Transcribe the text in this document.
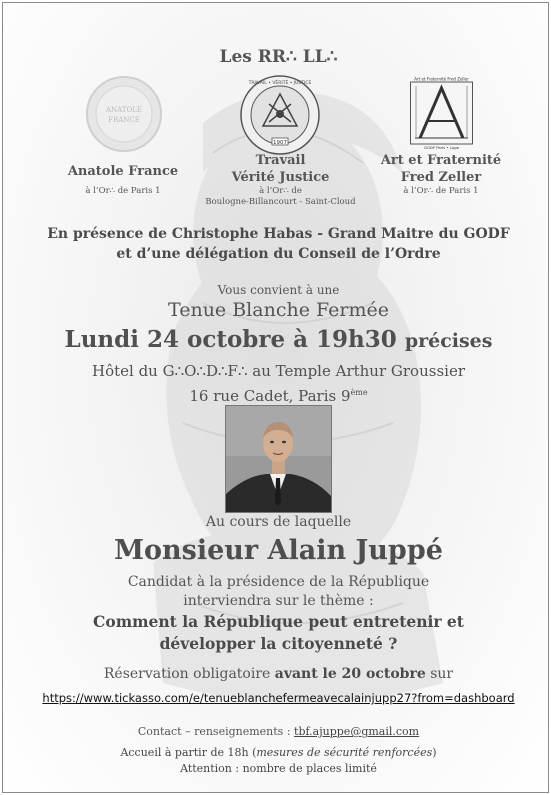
Les RR∴ LL∴
ANATOLE
FRANCE
1907
TRAVAIL • VÉRITÉ • JUSTICE
Art et Fraternité Fred Zeller
GODF Paris • Loge
Anatole France
à l’Or∴ de Paris 1
Travail
Vérité Justice
à l’Or∴ de
Boulogne-Billancourt - Saint-Cloud
Art et Fraternité
Fred Zeller
à l’Or∴ de Paris 1
En présence de Christophe Habas - Grand Maitre du GODF
et d’une délégation du Conseil de l’Ordre
Vous convient à une
Tenue Blanche Fermée
Lundi 24 octobre à 19h30 précises
Hôtel du G∴O∴D∴F∴ au Temple Arthur Groussier
16 rue Cadet, Paris 9ème
Au cours de laquelle
Monsieur Alain Juppé
Candidat à la présidence de la République
interviendra sur le thème :
Comment la République peut entretenir et
développer la citoyenneté ?
Réservation obligatoire avant le 20 octobre sur
https://www.tickasso.com/e/tenueblanchefermeavecalainjupp27?from=dashboard
Contact – renseignements : tbf.ajuppe@gmail.com
Accueil à partir de 18h (mesures de sécurité renforcées)
Attention : nombre de places limité
